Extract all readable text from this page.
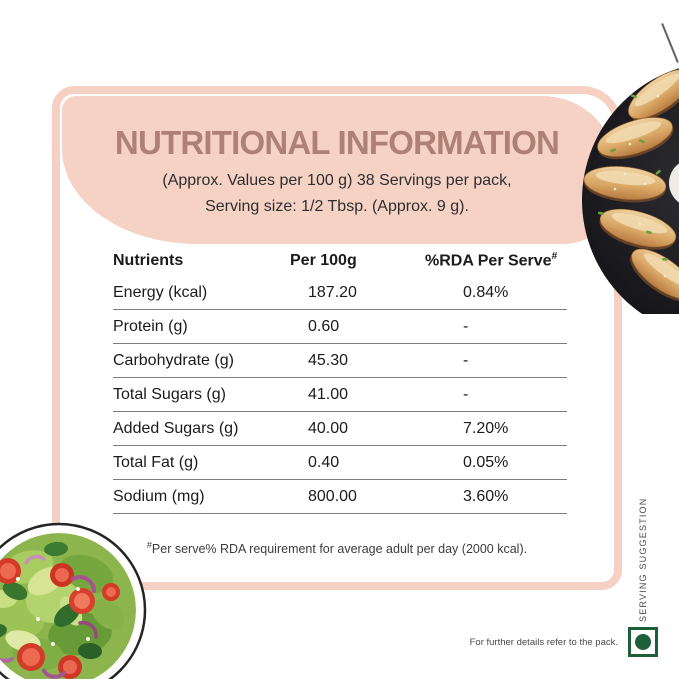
NUTRITIONAL INFORMATION
(Approx. Values per 100 g) 38 Servings per pack,
Serving size: 1/2 Tbsp. (Approx. 9 g).
Nutrients	Per 100g	%RDA Per Serve#
Energy (kcal)	187.20	0.84%
Protein (g)	0.60	-
Carbohydrate (g)	45.30	-
Total Sugars (g)	41.00	-
Added Sugars (g)	40.00	7.20%
Total Fat (g)	0.40	0.05%
Sodium (mg)	800.00	3.60%
#Per serve% RDA requirement for average adult per day (2000 kcal).	SERVING SUGGESTION
For further details refer to the pack.
